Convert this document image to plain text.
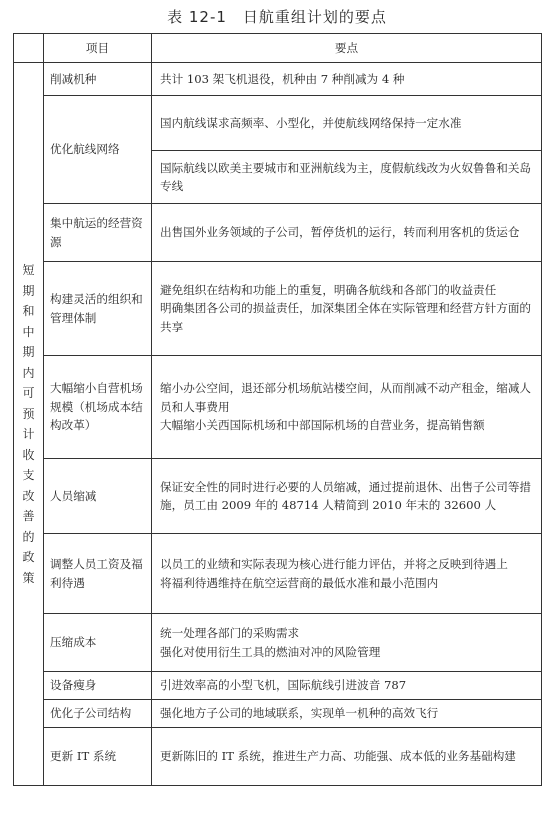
表 12-1　日航重组计划的要点
	项目	要点
短期和中期内可预计收支改善的政策	削减机种	共计 103 架飞机退役，机种由 7 种削减为 4 种

	优化航线网络	国内航线谋求高频率、小型化，并使航线网络保持一定水准

		国际航线以欧美主要城市和亚洲航线为主，度假航线改为火奴鲁鲁和关岛专线

	集中航运的经营资源	出售国外业务领域的子公司，暂停货机的运行，转而利用客机的货运仓

	构建灵活的组织和管理体制	避免组织在结构和功能上的重复，明确各航线和各部门的收益责任
明确集团各公司的损益责任，加深集团全体在实际管理和经营方针方面的共享

	大幅缩小自营机场规模（机场成本结构改革）	缩小办公空间，退还部分机场航站楼空间，从而削减不动产租金，缩减人员和人事费用
大幅缩小关西国际机场和中部国际机场的自营业务，提高销售额

	人员缩减	保证安全性的同时进行必要的人员缩减，通过提前退休、出售子公司等措施，员工由 2009 年的 48714 人精简到 2010 年末的 32600 人

	调整人员工资及福利待遇	以员工的业绩和实际表现为核心进行能力评估，并将之反映到待遇上
将福利待遇维持在航空运营商的最低水准和最小范围内

	压缩成本	统一处理各部门的采购需求
强化对使用衍生工具的燃油对冲的风险管理

	设备瘦身	引进效率高的小型飞机，国际航线引进波音 787

	优化子公司结构	强化地方子公司的地域联系，实现单一机种的高效飞行

	更新 IT 系统	更新陈旧的 IT 系统，推进生产力高、功能强、成本低的业务基础构建
